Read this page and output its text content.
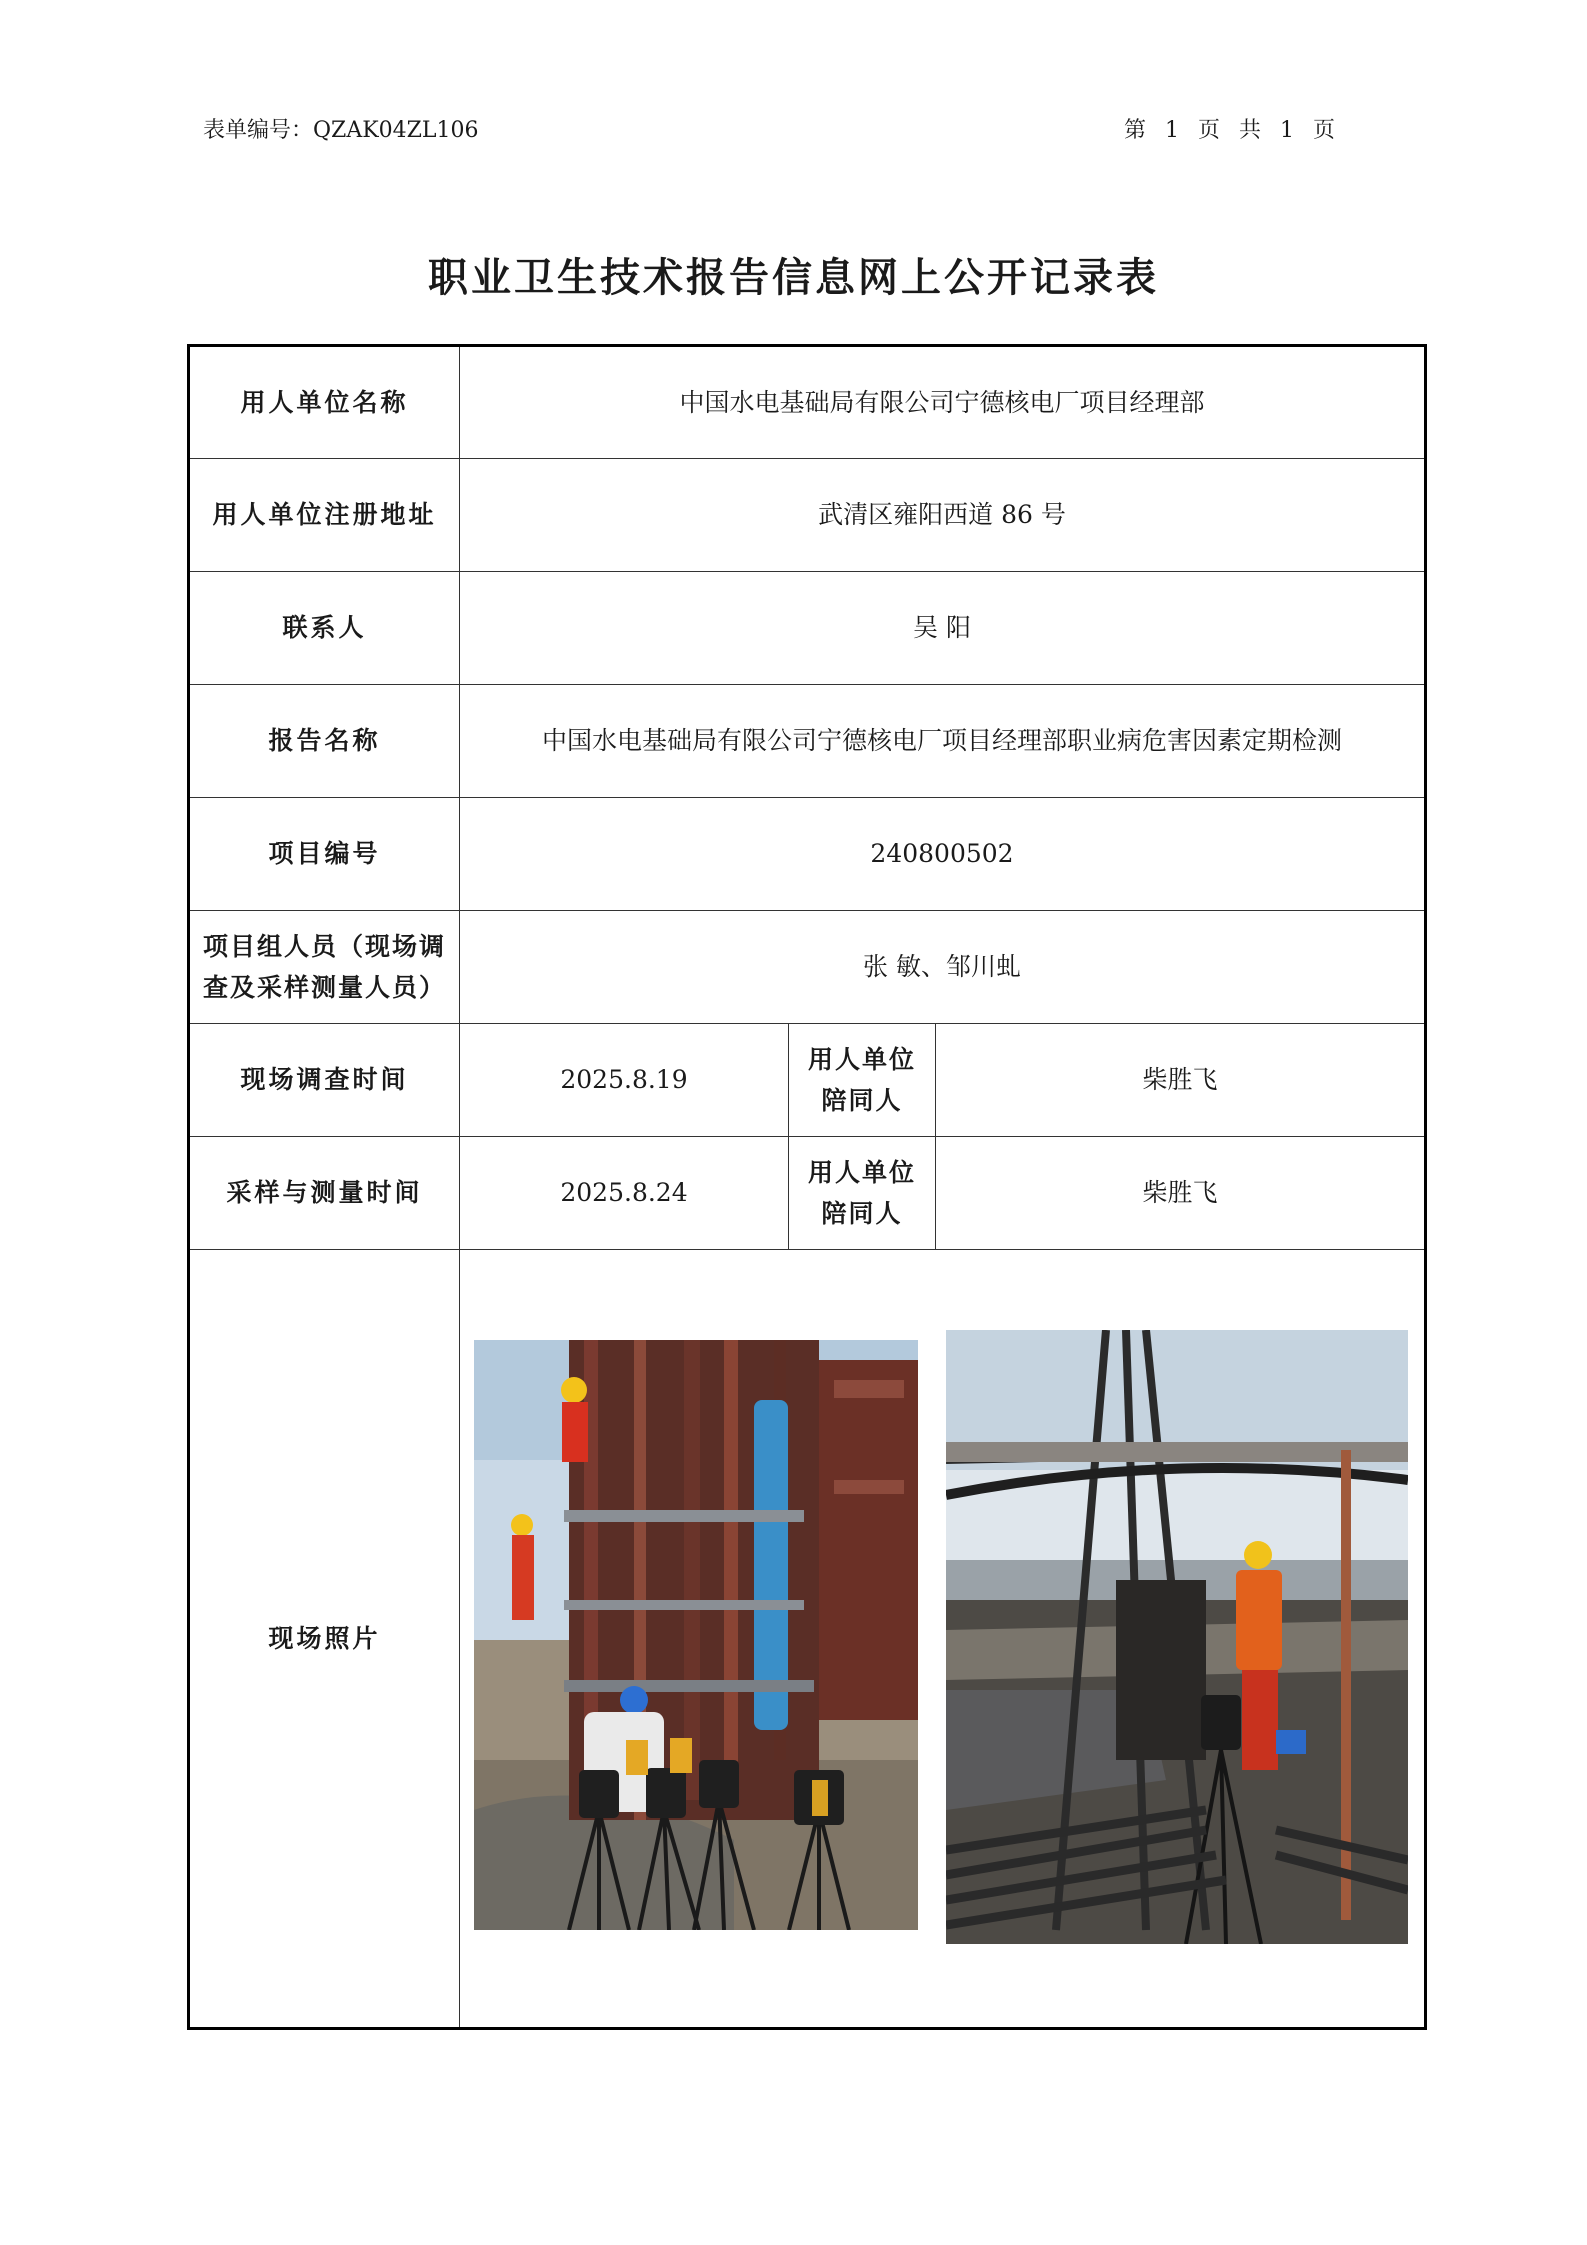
表单编号：QZAK04ZL106	第 1 页 共 1 页
职业卫生技术报告信息网上公开记录表
用人单位名称	中国水电基础局有限公司宁德核电厂项目经理部		
用人单位注册地址	武清区雍阳西道 86 号		
联系人	吴 阳		
报告名称	中国水电基础局有限公司宁德核电厂项目经理部职业病危害因素定期检测		
项目编号	240800502		
项目组人员（现场调查及采样测量人员）	张 敏、邹川虬		
现场调查时间	2025.8.19	用人单位陪同人	柴胜飞
采样与测量时间	2025.8.24	用人单位陪同人	柴胜飞
现场照片	
